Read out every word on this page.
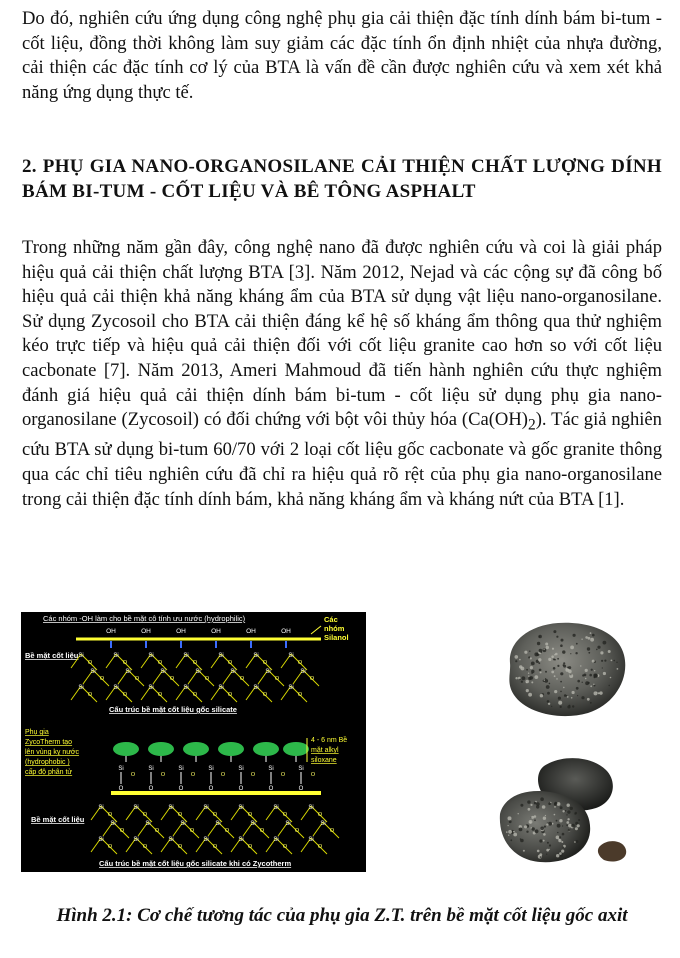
Do đó, nghiên cứu ứng dụng công nghệ phụ gia cải thiện đặc tính dính bám bi-tum - cốt liệu, đồng thời không làm suy giảm các đặc tính ổn định nhiệt của nhựa đường, cải thiện các đặc tính cơ lý của BTA là vấn đề cần được nghiên cứu và xem xét khả năng ứng dụng thực tế.

2. PHỤ GIA NANO-ORGANOSILANE CẢI THIỆN CHẤT LƯỢNG DÍNH BÁM BI-TUM - CỐT LIỆU VÀ BÊ TÔNG ASPHALT

Trong những năm gần đây, công nghệ nano đã được nghiên cứu và coi là giải pháp hiệu quả cải thiện chất lượng BTA [3]. Năm 2012, Nejad và các cộng sự đã công bố hiệu quả cải thiện khả năng kháng ẩm của BTA sử dụng vật liệu nano-organosilane. Sử dụng Zycosoil cho BTA cải thiện đáng kể hệ số kháng ẩm thông qua thử nghiệm kéo trực tiếp và hiệu quả cải thiện đối với cốt liệu granite cao hơn so với cốt liệu cacbonate [7]. Năm 2013, Ameri Mahmoud đã tiến hành nghiên cứu thực nghiệm đánh giá hiệu quả cải thiện dính bám bi-tum - cốt liệu sử dụng phụ gia nano-organosilane (Zycosoil) có đối chứng với bột vôi thủy hóa $(Ca(OH)_2)$. Tác giả nghiên cứu BTA sử dụng bi-tum 60/70 với 2 loại cốt liệu gốc cacbonate và gốc granite thông qua các chỉ tiêu nghiên cứu đã chỉ ra hiệu quả rõ rệt của phụ gia nano-organosilane trong cải thiện đặc tính dính bám, khả năng kháng ẩm và kháng nứt của BTA [1].

Các nhóm -OH làm cho bề mặt cô tính ưu nước (hydrophilic)
OH	OH	OH	OH	OH	OH
Các
nhóm
Silanol
Bề mặt cốt liệu Si
O
Si
O
Si
O
Si
O
Si
O
Si
O
Si
O
Si
O
Si
O
Si
O
Si
O
Si
O
Si
O
Si
O
Si
O
Si
O
Si
O
Si
O
Si
O
Si
O
Si
O
Cấu trúc bề mặt cốt liệu gốc silicate
Phụ gia
ZycoTherm tạo
lên vùng kỵ nước
(hydrophobic )
cấp độ phân tử
4 - 6 nm Bề
mặt alkyl
siloxane
Si
O
O
Si
O
O
Si
O
O
Si
O
O
Si
O
O
Si
O
O
Si
O
O
Bề mặt cốt liệu
Si
O
Si
O
Si
O
Si
O
Si
O
Si
O
Si
O
Si
O
Si
O
Si
O
Si
O
Si
O
Si
O
Si
O
Si
O
Si
O
Si
O
Si
O
Si
O
Si
O
Si
O
Cấu trúc bề mặt cốt liệu gốc silicate khi có Zycotherm

Hình 2.1: Cơ chế tương tác của phụ gia Z.T. trên bề mặt cốt liệu gốc axit
